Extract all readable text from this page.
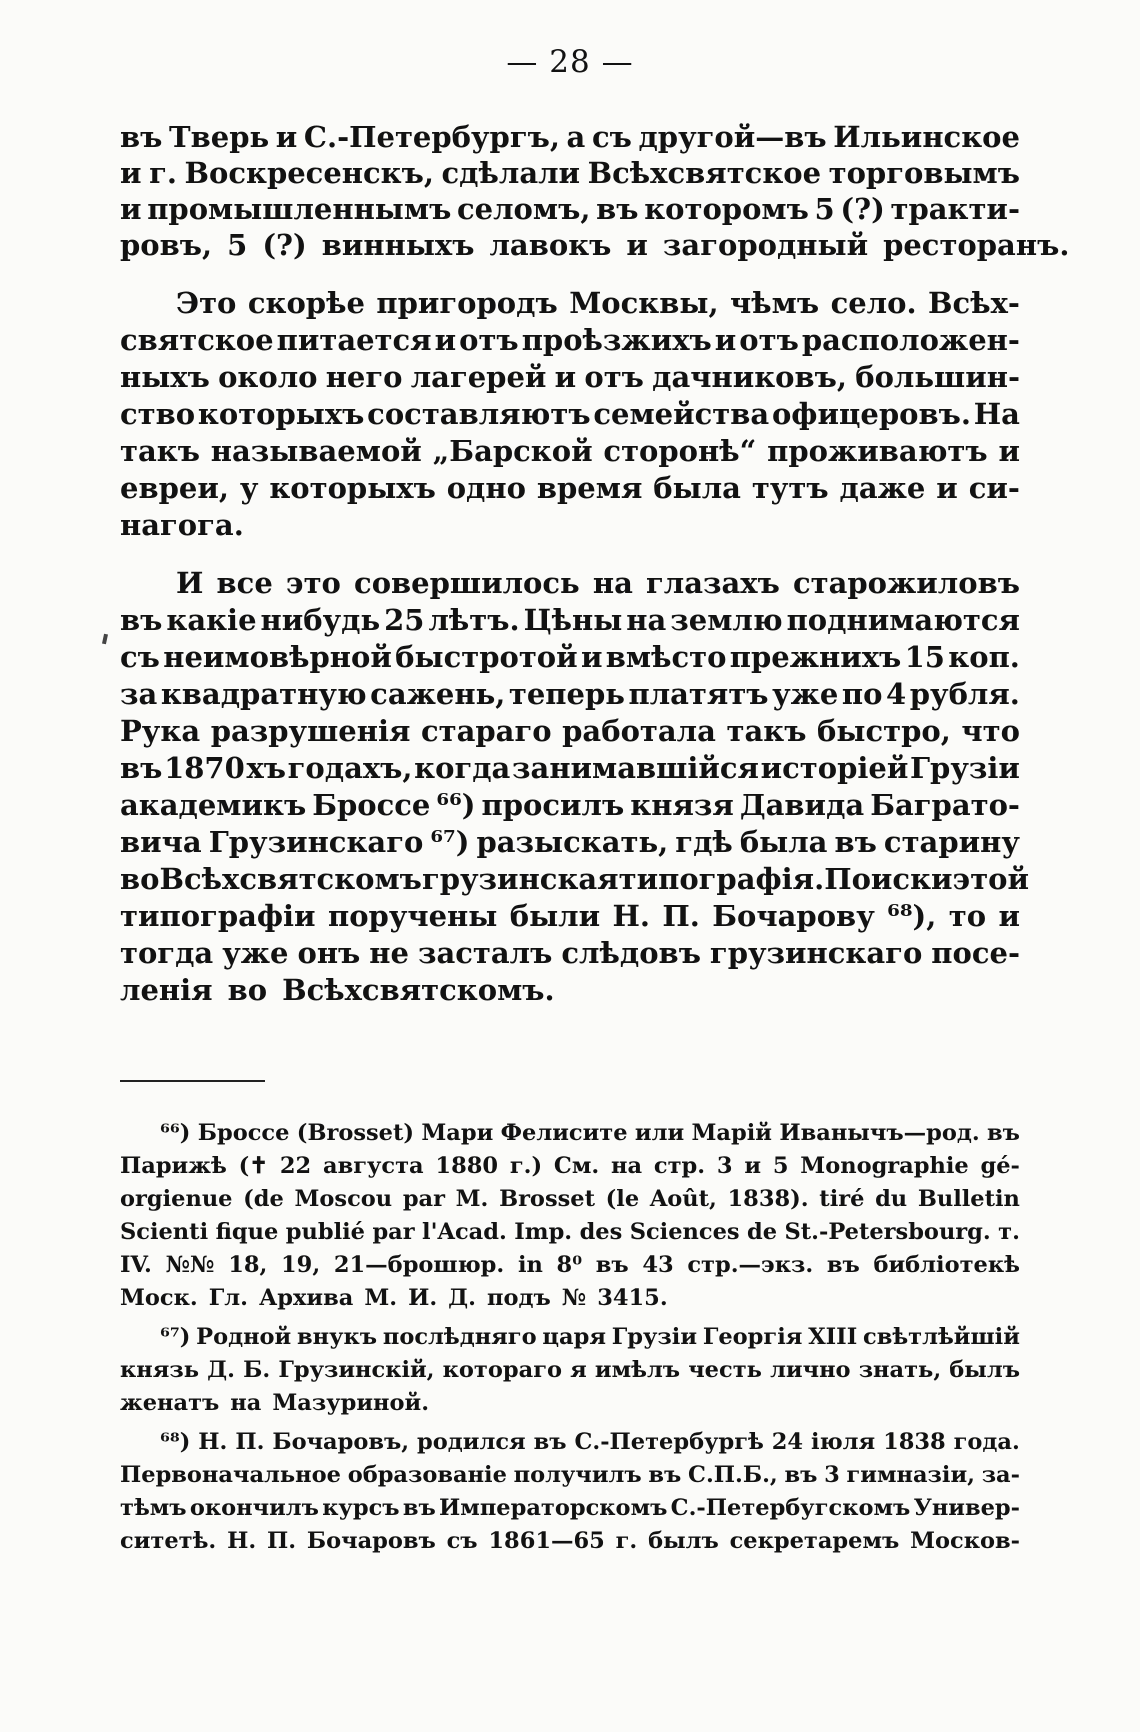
— 28 —
въ Тверь и С.-Петербургъ, а съ другой—въ Ильинское
и г. Воскресенскъ, сдѣлали Всѣхсвятское торговымъ
и промышленнымъ селомъ, въ которомъ 5 (?) тракти-
ровъ, 5 (?) винныхъ лавокъ и загородный ресторанъ.
Это скорѣе пригородъ Москвы, чѣмъ село. Всѣх-
святское питается и отъ проѣзжихъ и отъ расположен-
ныхъ около него лагерей и отъ дачниковъ, большин-
ство которыхъ составляютъ семейства офицеровъ. На
такъ называемой „Барской сторонѣ“ проживаютъ и
евреи, у которыхъ одно время была тутъ даже и си-
нагога.
И все это совершилось на глазахъ старожиловъ
въ какіе нибудь 25 лѣтъ. Цѣны на землю поднимаются
съ неимовѣрной быстротой и вмѣсто прежнихъ 15 коп.
за квадратную сажень, теперь платятъ уже по 4 рубля.
Рука разрушенія стараго работала такъ быстро, что
въ 1870 хъ годахъ, когда занимавшійся исторіей Грузіи
академикъ Броссе ⁶⁶) просилъ князя Давида Баграто-
вича Грузинскаго ⁶⁷) разыскать, гдѣ была въ старину
во Всѣхсвятскомъ грузинская типографія. Поиски этой
типографіи поручены были Н. П. Бочарову ⁶⁸), то и
тогда уже онъ не засталъ слѣдовъ грузинскаго посе-
ленія во Всѣхсвятскомъ.
⁶⁶) Броссе (Brosset) Мари Фелисите или Марій Иванычъ—род. въ
Парижѣ (✝ 22 августа 1880 г.) См. на стр. 3 и 5 Monographie gé-
orgienue (de Moscou par M. Brosset (le Août, 1838). tiré du Bulletin
Scienti fique publié par l'Acad. Imp. des Sciences de St.-Petersbourg. т.
IV. №№ 18, 19, 21—брошюр. in 8⁰ въ 43 стр.—экз. въ библіотекѣ
Моск. Гл. Архива М. И. Д. подъ № 3415.
⁶⁷) Родной внукъ послѣдняго царя Грузіи Георгія XIII свѣтлѣйшій
князь Д. Б. Грузинскій, котораго я имѣлъ честь лично знать, былъ
женатъ на Мазуриной.
⁶⁸) Н. П. Бочаровъ, родился въ С.-Петербургѣ 24 іюля 1838 года.
Первоначальное образованіе получилъ въ С.П.Б., въ 3 гимназіи, за-
тѣмъ окончилъ курсъ въ Императорскомъ С.-Петербугскомъ Универ-
ситетѣ. Н. П. Бочаровъ съ 1861—65 г. былъ секретаремъ Москов-
